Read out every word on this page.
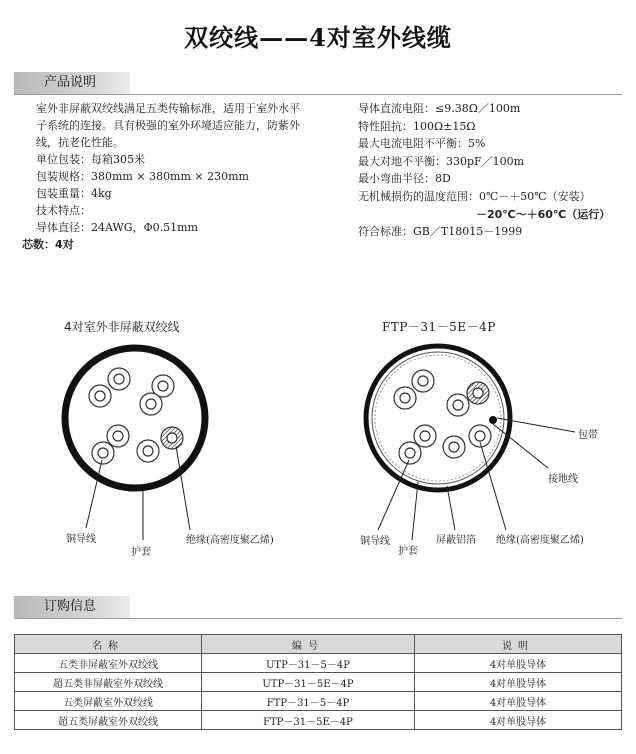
双绞线——4对室外线缆
产品说明

室外非屏蔽双绞线满足五类传输标准，适用于室外水平子系统的连接。具有极强的室外环境适应能力，防紫外线，抗老化性能。

单位包装：每箱305米

包装规格：380mm × 380mm × 230mm

包装重量：4kg

技术特点：

导体直径：24AWG，Φ0.51mm

芯数：4对

导体直流电阻：≤9.38Ω／100m

特性阻抗：100Ω±15Ω

最大电流电阻不平衡：5%

最大对地不平衡：330pF／100m

最小弯曲半径：8D

无机械损伤的温度范围：0℃－＋50℃（安装）

－20℃～＋60℃（运行）

符合标准：GB／T18015－1999

4对室外非屏蔽双绞线	FTP－31－5E－4P
铜导线
护套
绝缘(高密度聚乙烯)
包带
接地线
铜导线
护套
屏蔽铝箔 绝缘(高密度聚乙烯)
订购信息
名称	编号	说明
五类非屏蔽室外双绞线	UTP－31－5－4P	4对单股导体
超五类非屏蔽室外双绞线	UTP－31－5E－4P	4对单股导体
五类屏蔽室外双绞线	FTP－31－5－4P	4对单股导体
超五类屏蔽室外双绞线	FTP－31－5E－4P	4对单股导体
